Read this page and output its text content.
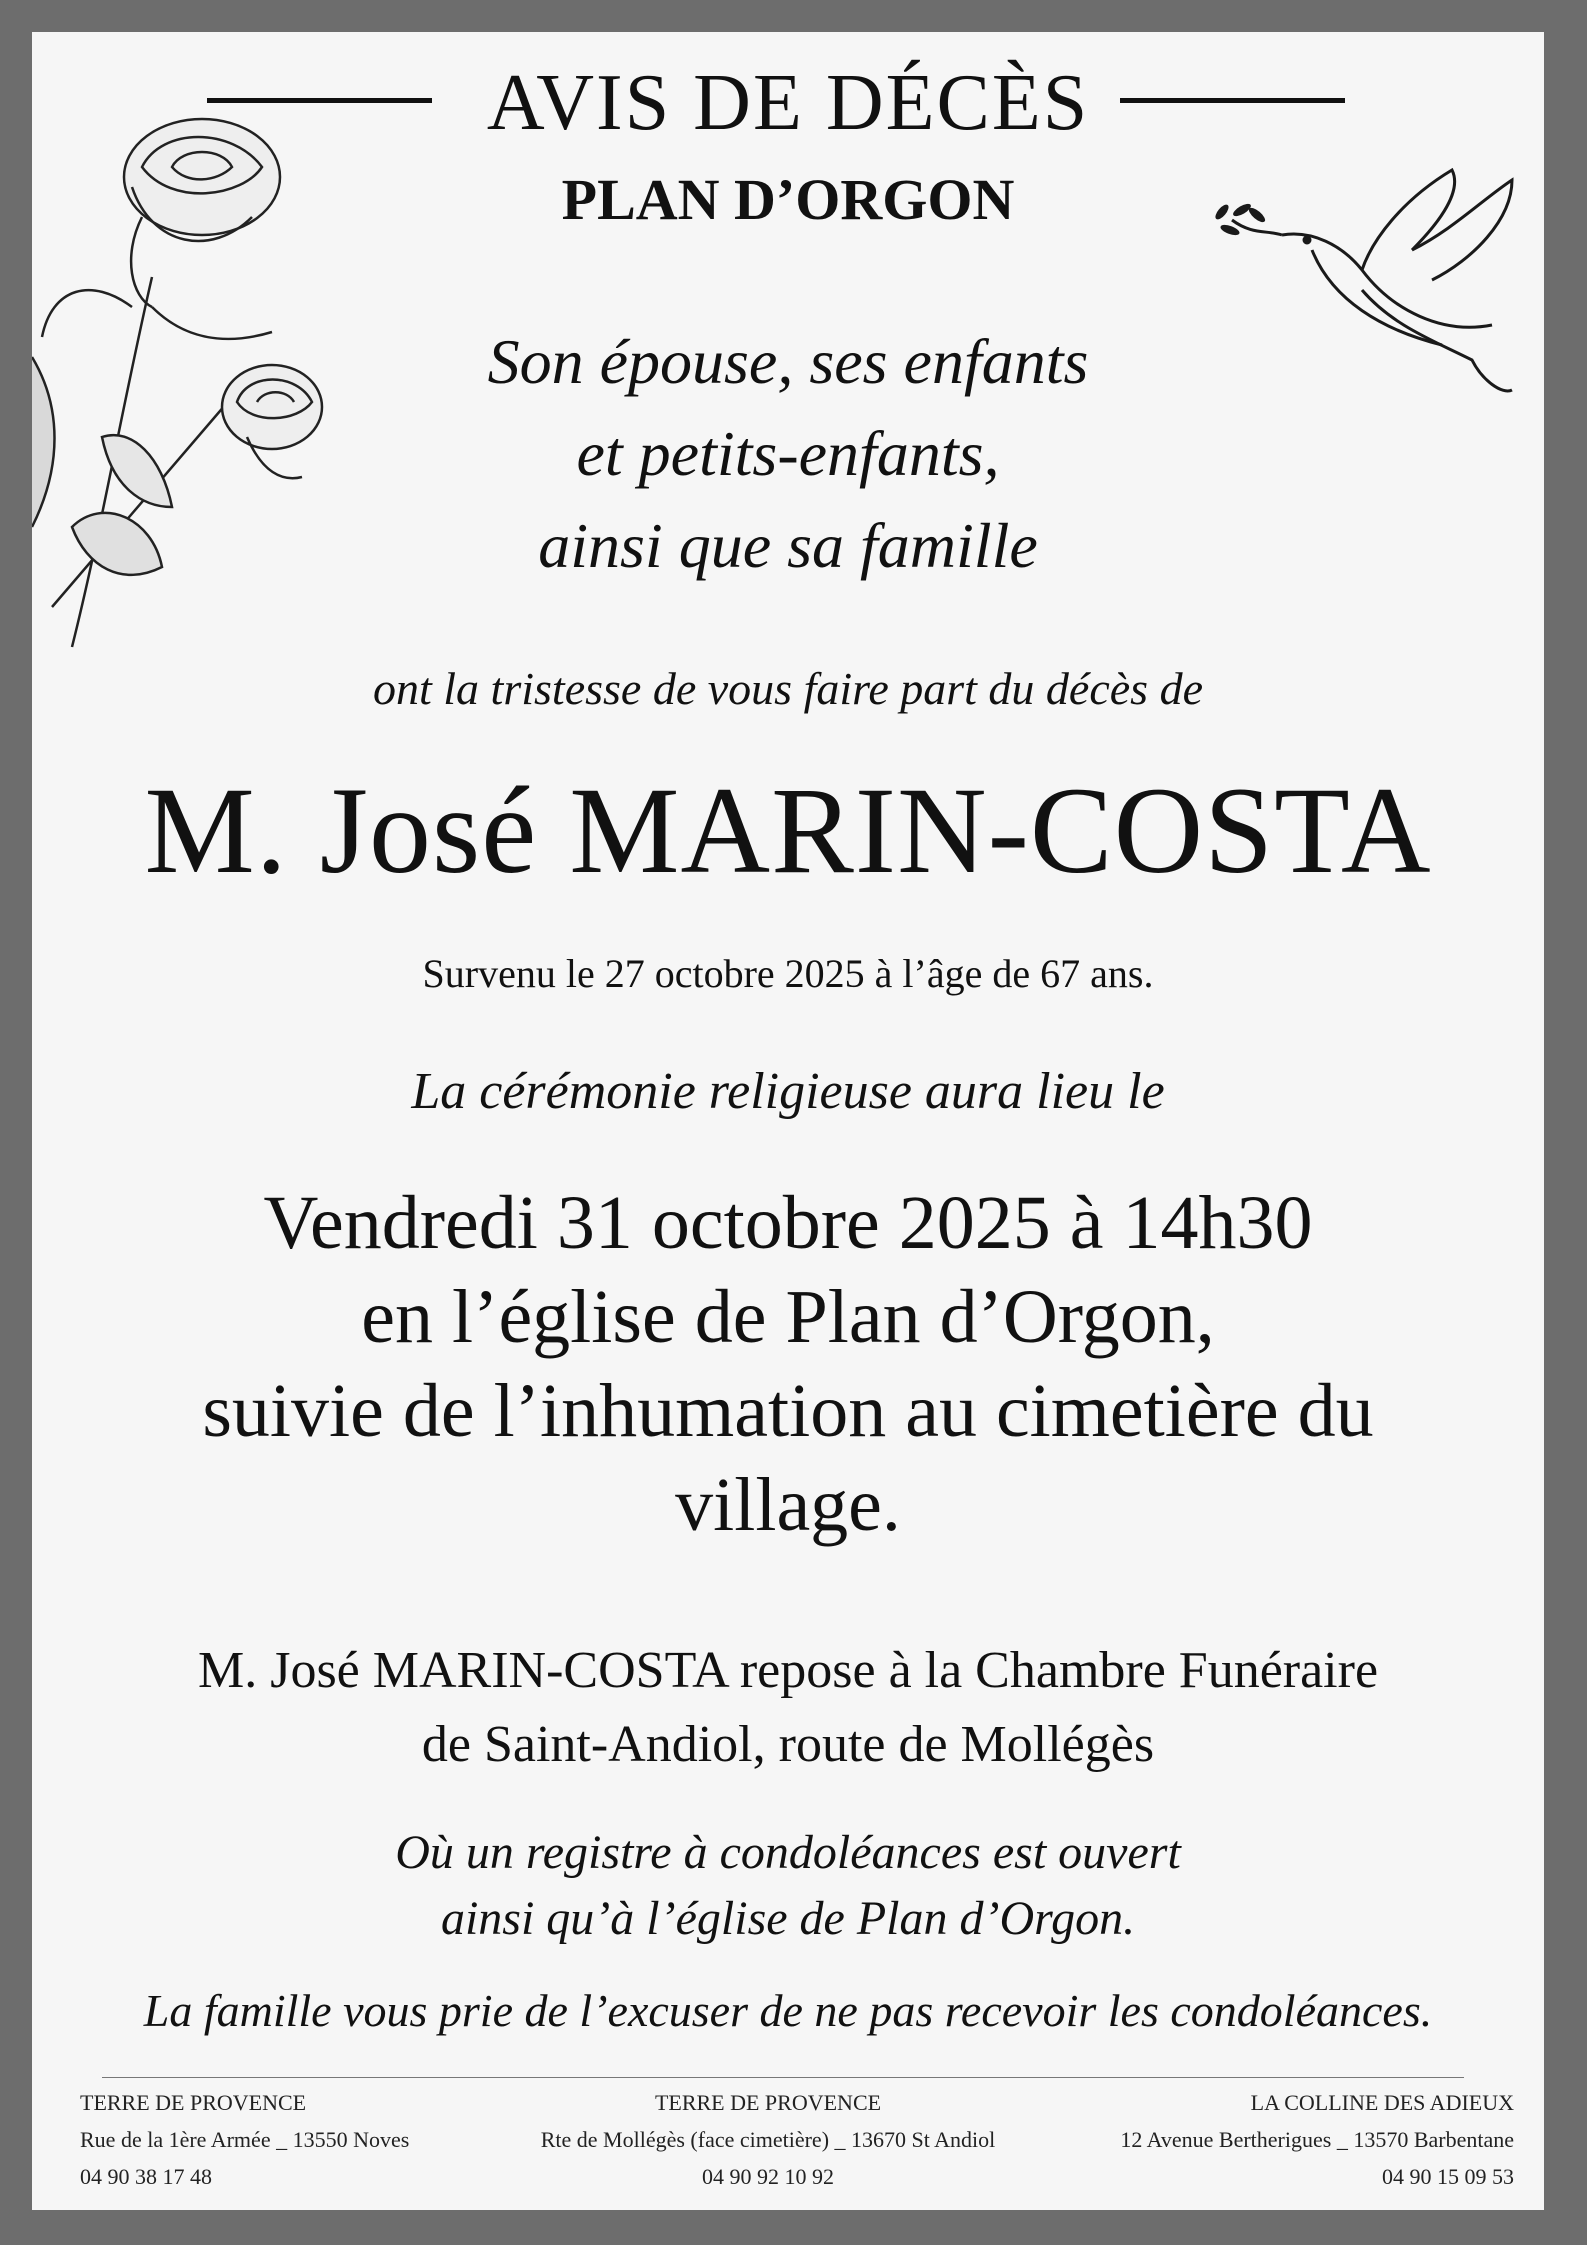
AVIS DE DÉCÈS
PLAN D’ORGON
Son épouse, ses enfants
et petits-enfants,
ainsi que sa famille
ont la tristesse de vous faire part du décès de
M. José MARIN-COSTA
Survenu le 27 octobre 2025 à l’âge de 67 ans.
La cérémonie religieuse aura lieu le
Vendredi 31 octobre 2025 à 14h30
en l’église de Plan d’Orgon,
suivie de l’inhumation au cimetière du
village.
M. José MARIN-COSTA repose à la Chambre Funéraire
de Saint-Andiol, route de Mollégès
Où un registre à condoléances est ouvert
ainsi qu’à l’église de Plan d’Orgon.
La famille vous prie de l’excuser de ne pas recevoir les condoléances.
TERRE DE PROVENCE
Rue de la 1ère Armée _ 13550 Noves
04 90 38 17 48
TERRE DE PROVENCE
Rte de Mollégès (face cimetière) _ 13670 St Andiol
04 90 92 10 92
LA COLLINE DES ADIEUX
12 Avenue Bertherigues _ 13570 Barbentane
04 90 15 09 53
